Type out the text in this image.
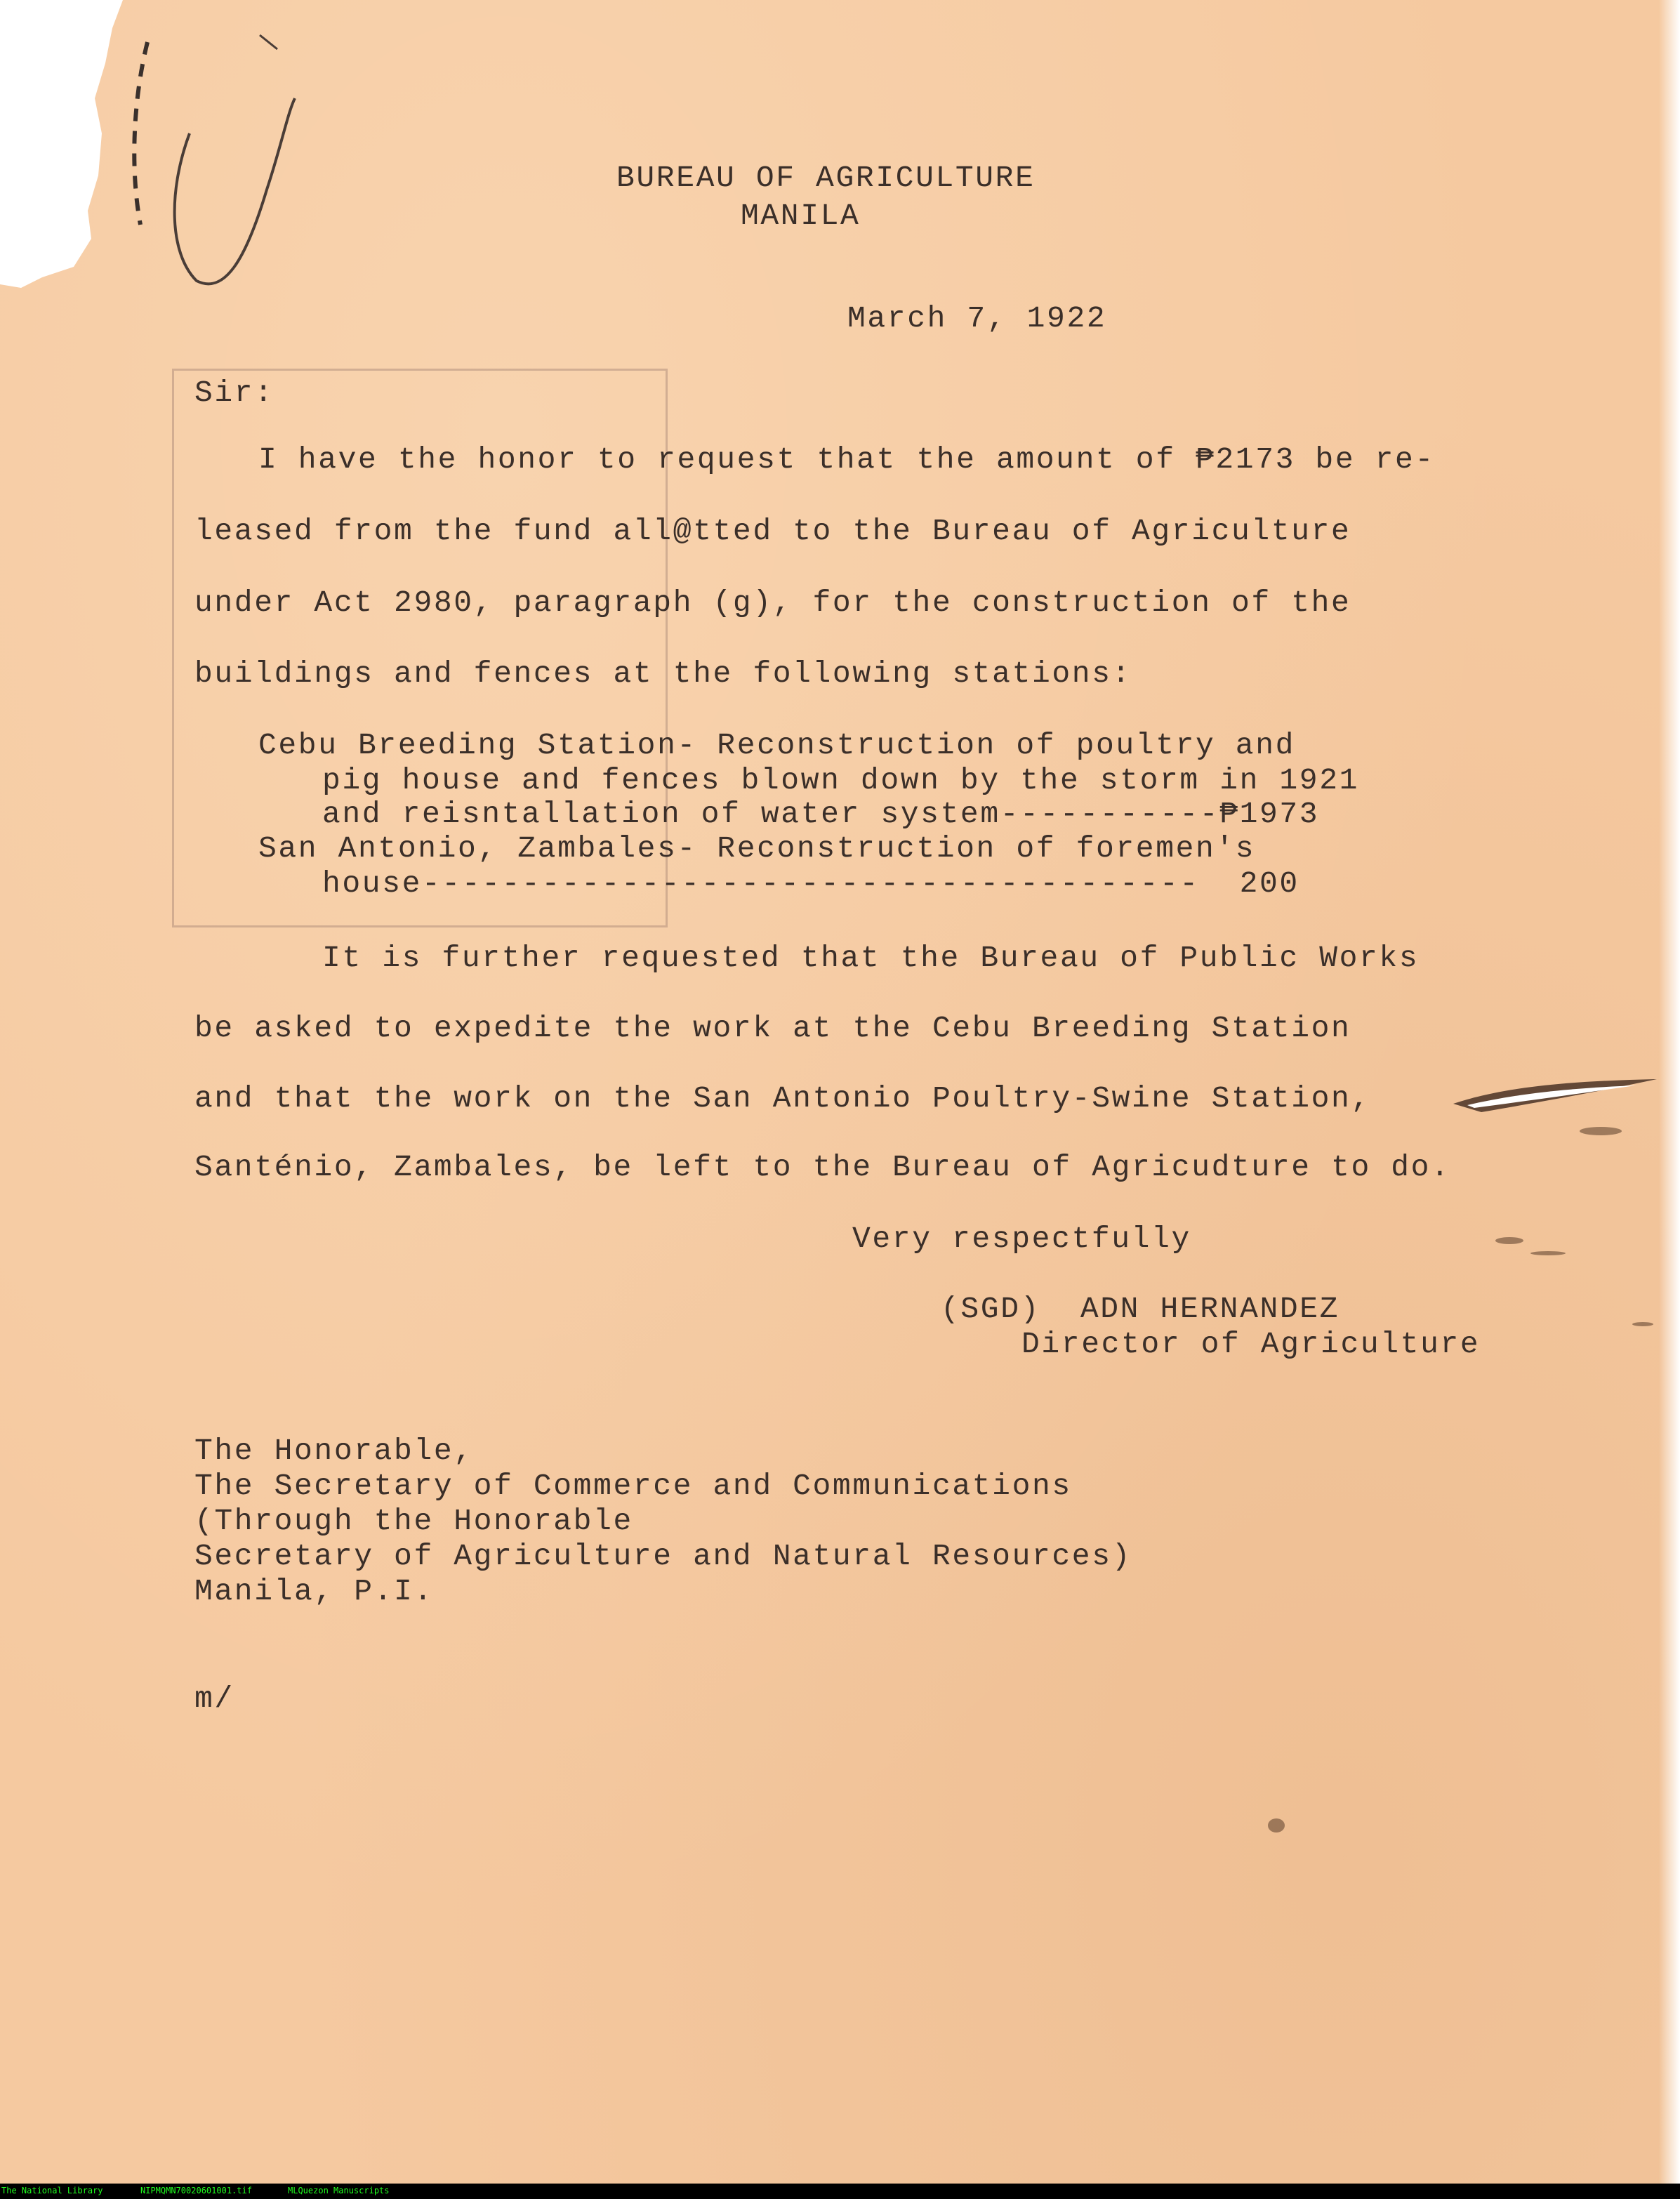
BUREAU OF AGRICULTURE
MANILA
March 7, 1922
Sir:
I have the honor to request that the amount of ₱2173 be re-
leased from the fund all@tted to the Bureau of Agriculture
under Act 2980, paragraph (g), for the construction of the
buildings and fences at the following stations:
Cebu Breeding Station- Reconstruction of poultry and
pig house and fences blown down by the storm in 1921
and reisntallation of water system-----------₱1973
San Antonio, Zambales- Reconstruction of foremen's
house---------------------------------------  200
It is further requested that the Bureau of Public Works
be asked to expedite the work at the Cebu Breeding Station
and that the work on the San Antonio Poultry-Swine Station,
Santénio, Zambales, be left to the Bureau of Agricudture to do.
Very respectfully
(SGD)  ADN HERNANDEZ
Director of Agriculture
The Honorable,
The Secretary of Commerce and Communications
(Through the Honorable
Secretary of Agriculture and Natural Resources)
Manila, P.I.
m/
The National Library	NIPMQMN70020601001.tif	MLQuezon Manuscripts
